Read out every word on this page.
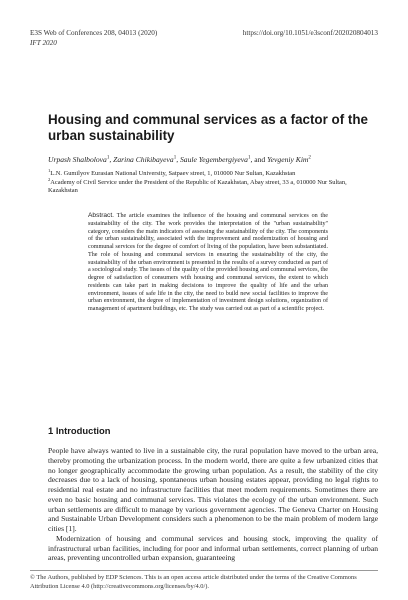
E3S Web of Conferences 208, 04013 (2020)	https://doi.org/10.1051/e3sconf/202020804013
IFT 2020
Housing and communal services as a factor of the urban sustainability
Urpash Shalbolova$^1$, Zarina Chikibayeva$^1$, Saule Yegembergiyeva$^1$, and Yevgeniy Kim$^2$
$^1$L.N. Gumilyov Eurasian National University, Satpaev street, 1, 010000 Nur Sultan, Kazakhstan
$^2$Academy of Civil Service under the President of the Republic of Kazakhstan, Abay street, 33 a, 010000 Nur Sultan, Kazakhstan
Abstract. The article examines the influence of the housing and communal services on the sustainability of the city. The work provides the interpretation of the "urban sustainability" category, considers the main indicators of assessing the sustainability of the city. The components of the urban sustainability, associated with the improvement and modernization of housing and communal services for the degree of comfort of living of the population, have been substantiated. The role of housing and communal services in ensuring the sustainability of the city, the sustainability of the urban environment is presented in the results of a survey conducted as part of a sociological study. The issues of the quality of the provided housing and communal services, the degree of satisfaction of consumers with housing and communal services, the extent to which residents can take part in making decisions to improve the quality of life and the urban environment, issues of safe life in the city, the need to build new social facilities to improve the urban environment, the degree of implementation of investment design solutions, organization of management of apartment buildings, etc. The study was carried out as part of a scientific project.
1 Introduction

People have always wanted to live in a sustainable city, the rural population have moved to the urban area, thereby promoting the urbanization process. In the modern world, there are quite a few urbanized cities that no longer geographically accommodate the growing urban population. As a result, the stability of the city decreases due to a lack of housing, spontaneous urban housing estates appear, providing no legal rights to residential real estate and no infrastructure facilities that meet modern requirements. Sometimes there are even no basic housing and communal services. This violates the ecology of the urban environment. Such urban settlements are difficult to manage by various government agencies. The Geneva Charter on Housing and Sustainable Urban Development considers such a phenomenon to be the main problem of modern large cities [1].

Modernization of housing and communal services and housing stock, improving the quality of infrastructural urban facilities, including for poor and informal urban settlements, correct planning of urban areas, preventing uncontrolled urban expansion, guaranteeing

© The Authors, published by EDP Sciences. This is an open access article distributed under the terms of the Creative Commons Attribution License 4.0 (http://creativecommons.org/licenses/by/4.0/).
